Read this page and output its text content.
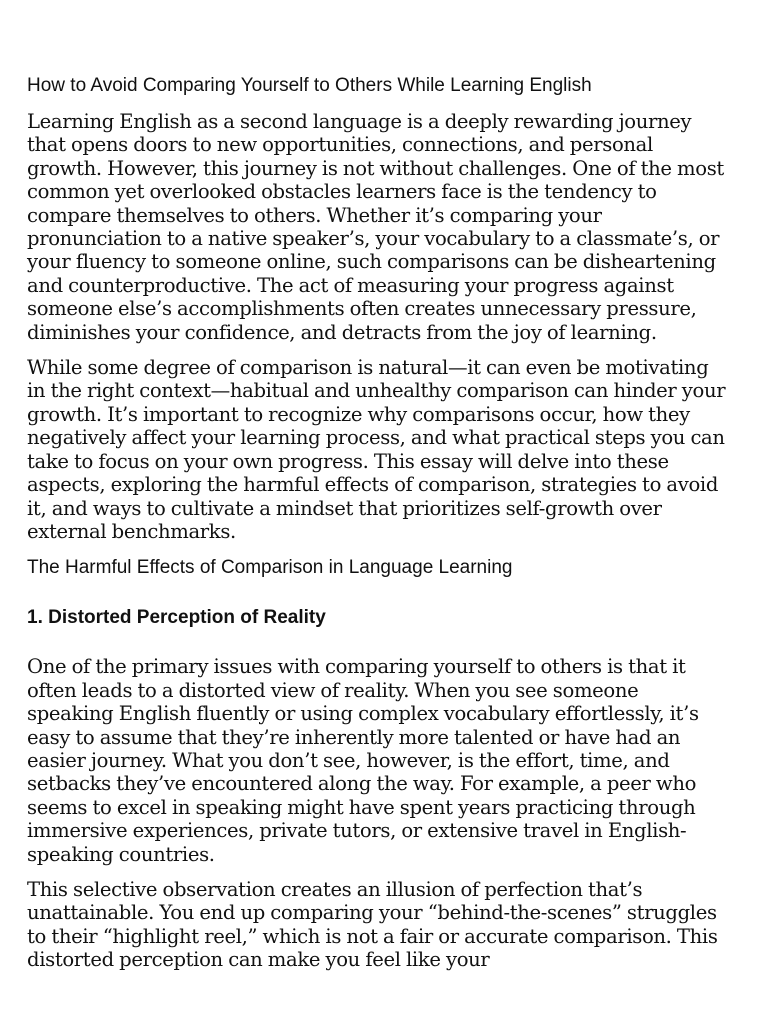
How to Avoid Comparing Yourself to Others While Learning English

Learning English as a second language is a deeply rewarding journey that opens doors to new opportunities, connections, and personal growth. However, this journey is not without challenges. One of the most common yet overlooked obstacles learners face is the tendency to compare themselves to others. Whether it’s comparing your pronunciation to a native speaker’s, your vocabulary to a classmate’s, or your fluency to someone online, such comparisons can be disheartening and counterproductive. The act of measuring your progress against someone else’s accomplishments often creates unnecessary pressure, diminishes your confidence, and detracts from the joy of learning.

While some degree of comparison is natural—it can even be motivating in the right context—habitual and unhealthy comparison can hinder your growth. It’s important to recognize why comparisons occur, how they negatively affect your learning process, and what practical steps you can take to focus on your own progress. This essay will delve into these aspects, exploring the harmful effects of comparison, strategies to avoid it, and ways to cultivate a mindset that prioritizes self-growth over external benchmarks.

The Harmful Effects of Comparison in Language Learning
1. Distorted Perception of Reality

One of the primary issues with comparing yourself to others is that it often leads to a distorted view of reality. When you see someone speaking English fluently or using complex vocabulary effortlessly, it’s easy to assume that they’re inherently more talented or have had an easier journey. What you don’t see, however, is the effort, time, and setbacks they’ve encountered along the way. For example, a peer who seems to excel in speaking might have spent years practicing through immersive experiences, private tutors, or extensive travel in English-speaking countries.

This selective observation creates an illusion of perfection that’s unattainable. You end up comparing your “behind-the-scenes” struggles to their “highlight reel,” which is not a fair or accurate comparison. This distorted perception can make you feel like your
